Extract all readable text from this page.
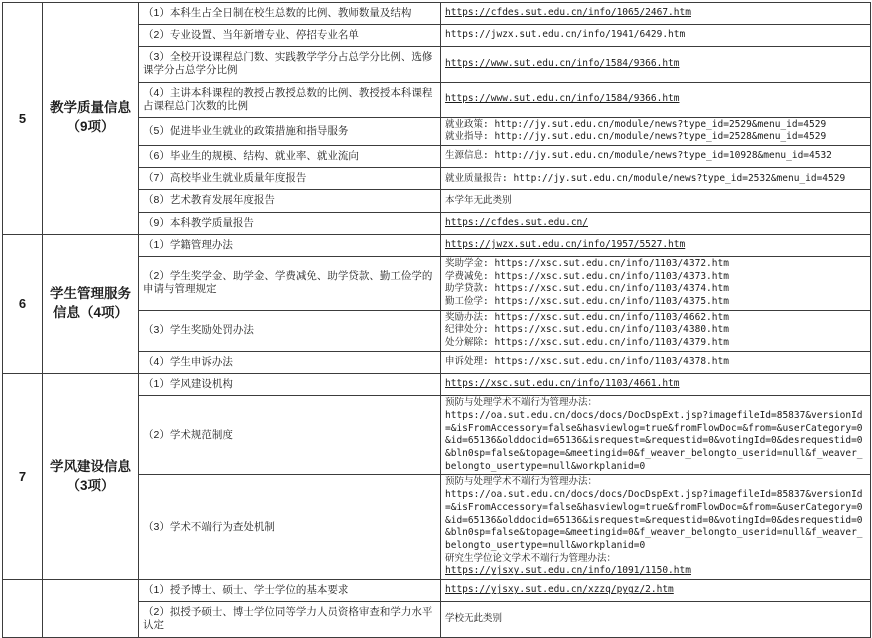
5	教学质量信息（9项）	（1）本科生占全日制在校生总数的比例、教师数量及结构	https://cfdes.sut.edu.cn/info/1065/2467.htm

		（2）专业设置、当年新增专业、停招专业名单	https://jwzx.sut.edu.cn/info/1941/6429.htm

		（3）全校开设课程总门数、实践教学学分占总学分比例、选修课学分占总学分比例	https://www.sut.edu.cn/info/1584/9366.htm

		（4）主讲本科课程的教授占教授总数的比例、教授授本科课程占课程总门次数的比例	https://www.sut.edu.cn/info/1584/9366.htm

		（5）促进毕业生就业的政策措施和指导服务	就业政策: http://jy.sut.edu.cn/module/news?type_id=2529&menu_id=4529
就业指导: http://jy.sut.edu.cn/module/news?type_id=2528&menu_id=4529

		（6）毕业生的规模、结构、就业率、就业流向	生源信息: http://jy.sut.edu.cn/module/news?type_id=10928&menu_id=4532

		（7）高校毕业生就业质量年度报告	就业质量报告: http://jy.sut.edu.cn/module/news?type_id=2532&menu_id=4529

		（8）艺术教育发展年度报告	本学年无此类别

		（9）本科教学质量报告	https://cfdes.sut.edu.cn/

6	学生管理服务信息（4项）	（1）学籍管理办法	https://jwzx.sut.edu.cn/info/1957/5527.htm

		（2）学生奖学金、助学金、学费减免、助学贷款、勤工俭学的申请与管理规定	奖助学金: https://xsc.sut.edu.cn/info/1103/4372.htm
学费减免: https://xsc.sut.edu.cn/info/1103/4373.htm
助学贷款: https://xsc.sut.edu.cn/info/1103/4374.htm
勤工俭学: https://xsc.sut.edu.cn/info/1103/4375.htm

		（3）学生奖励处罚办法	奖励办法: https://xsc.sut.edu.cn/info/1103/4662.htm
纪律处分: https://xsc.sut.edu.cn/info/1103/4380.htm
处分解除: https://xsc.sut.edu.cn/info/1103/4379.htm

		（4）学生申诉办法	申诉处理: https://xsc.sut.edu.cn/info/1103/4378.htm

7	学风建设信息（3项）	（1）学风建设机构	https://xsc.sut.edu.cn/info/1103/4661.htm

		（2）学术规范制度	预防与处理学术不端行为管理办法：
https://oa.sut.edu.cn/docs/docs/DocDspExt.jsp?imagefileId=85837&versionId=&isFromAccessory=false&hasviewlog=true&fromFlowDoc=&from=&userCategory=0&id=65136&olddocid=65136&isrequest=&requestid=0&votingId=0&desrequestid=0&bln0sp=false&topage=&meetingid=0&f_weaver_belongto_userid=null&f_weaver_belongto_usertype=null&workplanid=0

		（3）学术不端行为查处机制	预防与处理学术不端行为管理办法：
https://oa.sut.edu.cn/docs/docs/DocDspExt.jsp?imagefileId=85837&versionId=&isFromAccessory=false&hasviewlog=true&fromFlowDoc=&from=&userCategory=0&id=65136&olddocid=65136&isrequest=&requestid=0&votingId=0&desrequestid=0&bln0sp=false&topage=&meetingid=0&f_weaver_belongto_userid=null&f_weaver_belongto_usertype=null&workplanid=0
研究生学位论文学术不端行为管理办法：
https://yjsxy.sut.edu.cn/info/1091/1150.htm

		（1）授予博士、硕士、学士学位的基本要求	https://yjsxy.sut.edu.cn/xzzq/pygz/2.htm

		（2）拟授予硕士、博士学位同等学力人员资格审查和学力水平认定	学校无此类别
